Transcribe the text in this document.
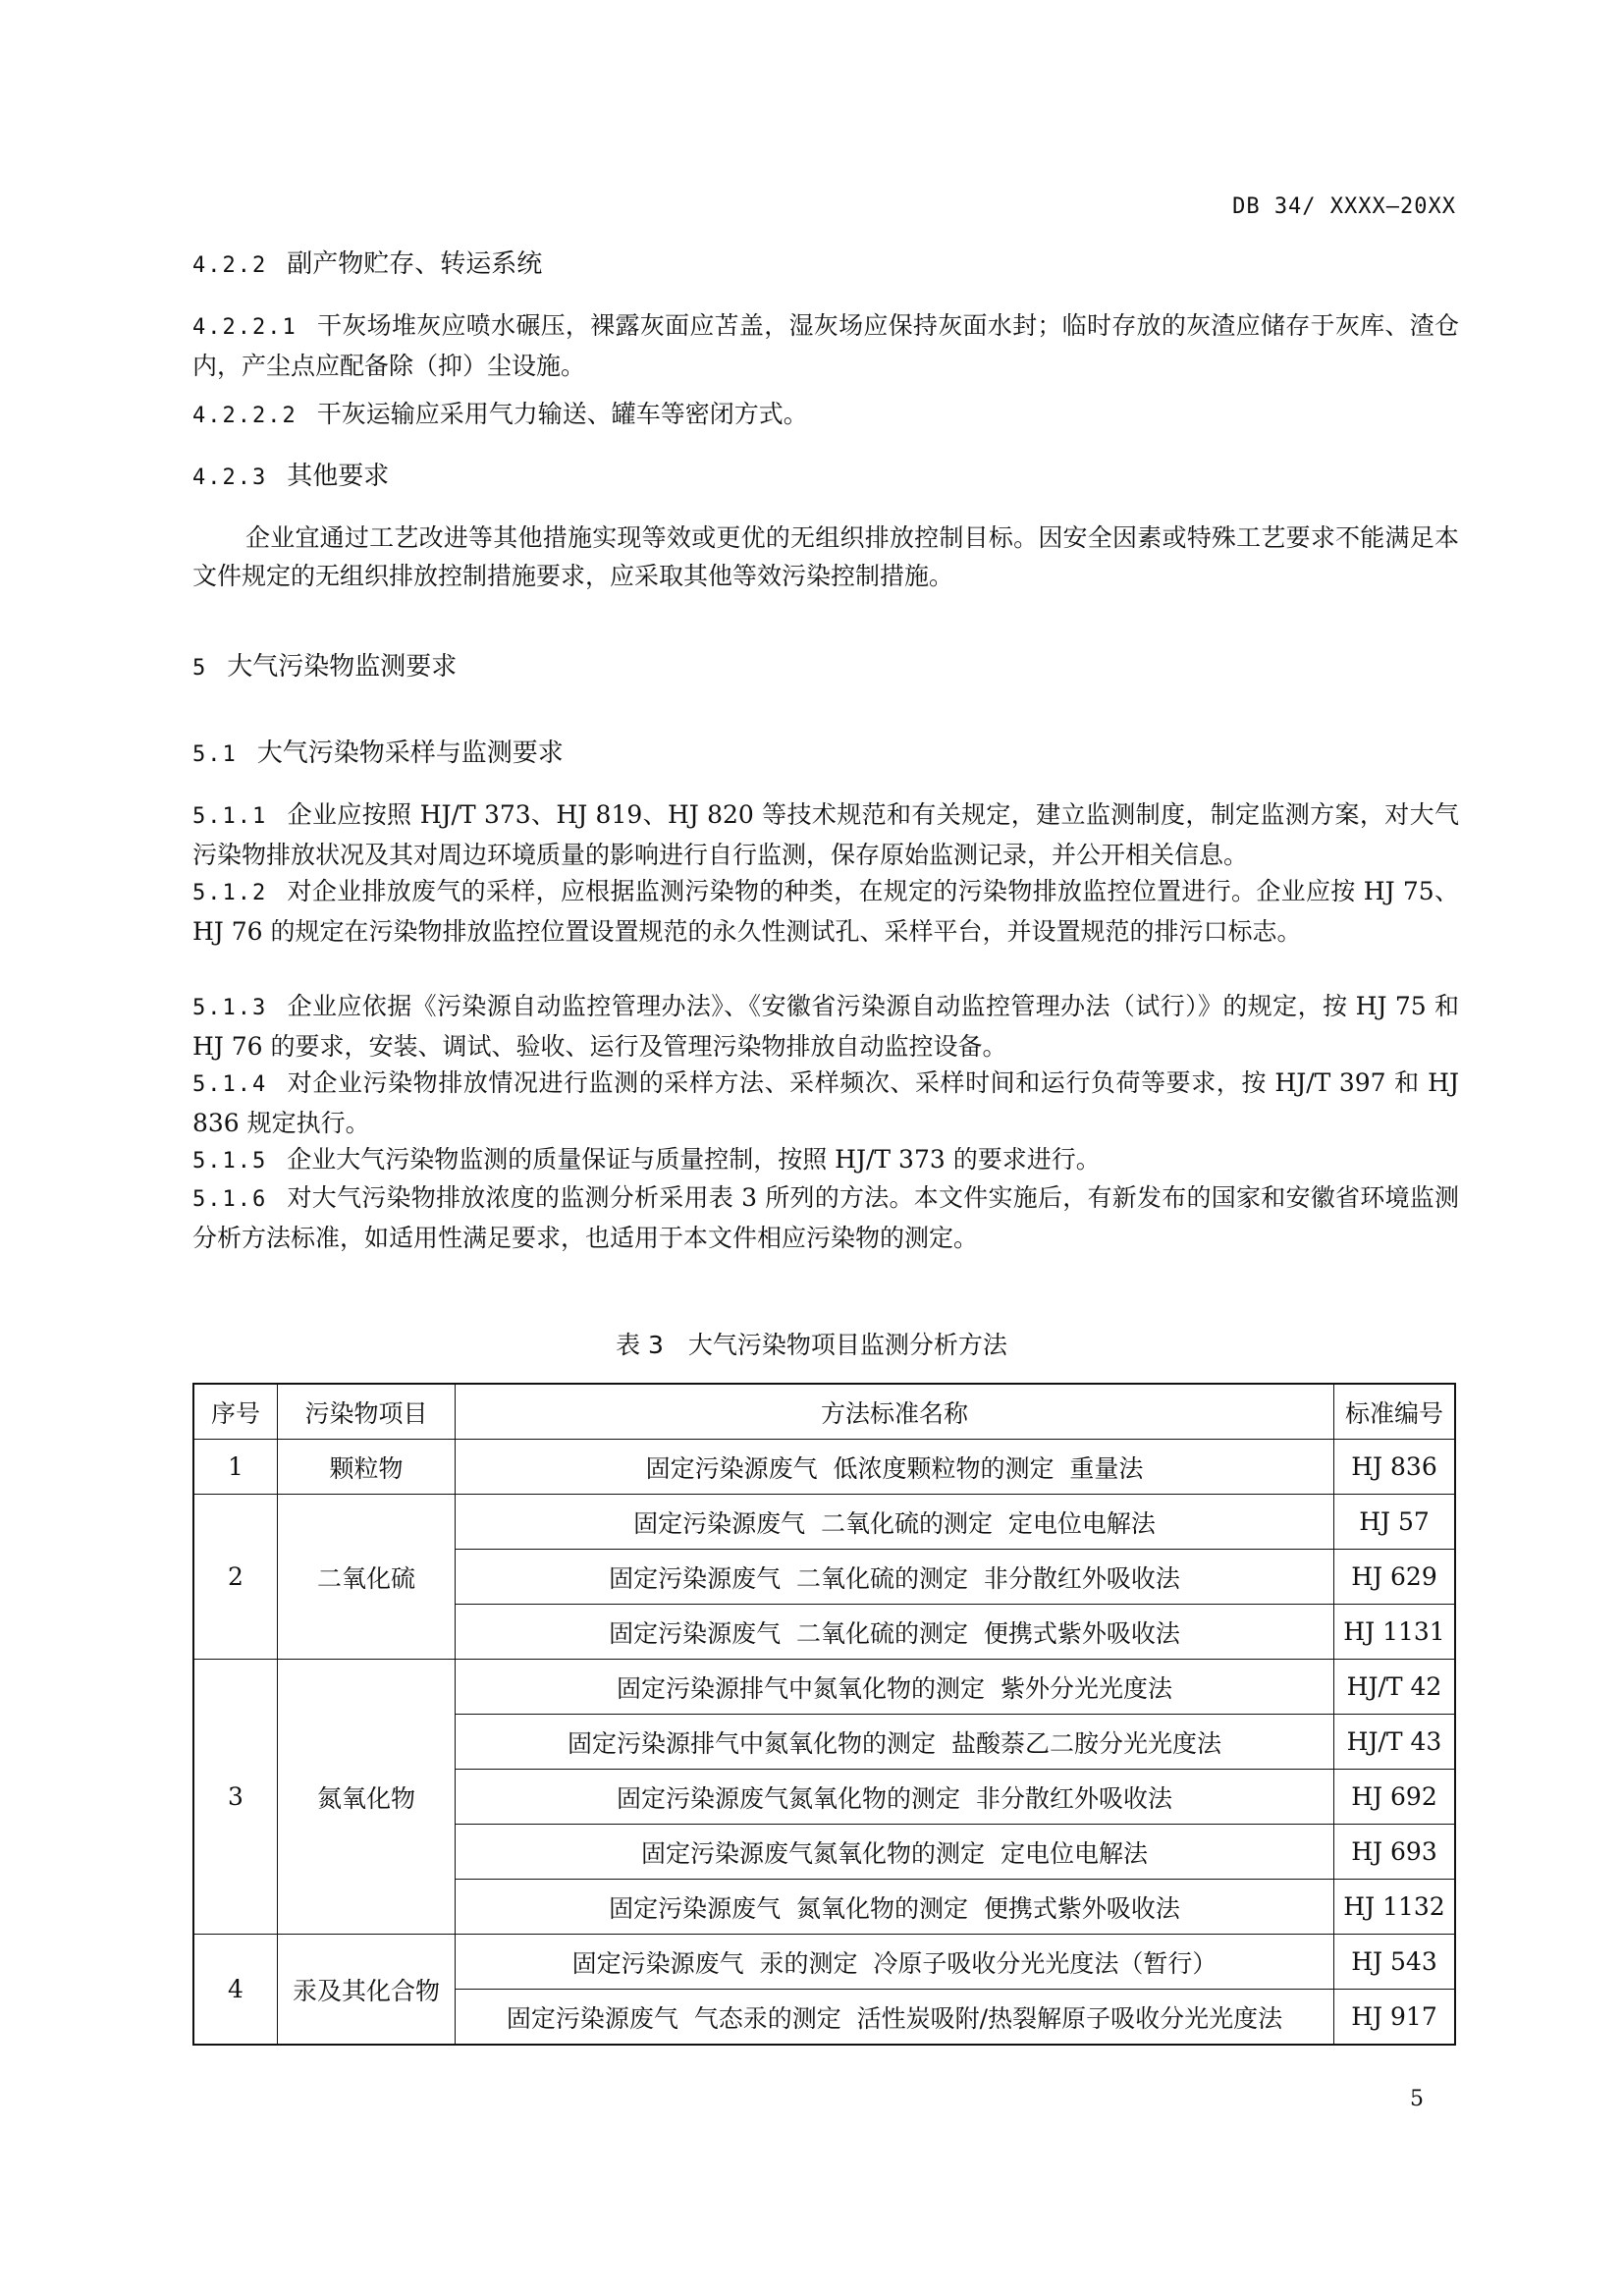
DB 34/ XXXX—20XX
4.2.2 副产物贮存、转运系统
4.2.2.1 干灰场堆灰应喷水碾压，裸露灰面应苫盖，湿灰场应保持灰面水封；临时存放的灰渣应储存于灰库、渣仓内，产尘点应配备除（抑）尘设施。
4.2.2.2 干灰运输应采用气力输送、罐车等密闭方式。
4.2.3 其他要求
企业宜通过工艺改进等其他措施实现等效或更优的无组织排放控制目标。因安全因素或特殊工艺要求不能满足本文件规定的无组织排放控制措施要求，应采取其他等效污染控制措施。
5 大气污染物监测要求
5.1 大气污染物采样与监测要求
5.1.1 企业应按照 HJ/T 373、HJ 819、HJ 820 等技术规范和有关规定，建立监测制度，制定监测方案，对大气污染物排放状况及其对周边环境质量的影响进行自行监测，保存原始监测记录，并公开相关信息。
5.1.2 对企业排放废气的采样，应根据监测污染物的种类，在规定的污染物排放监控位置进行。企业应按 HJ 75、HJ 76 的规定在污染物排放监控位置设置规范的永久性测试孔、采样平台，并设置规范的排污口标志。
5.1.3 企业应依据《污染源自动监控管理办法》、《安徽省污染源自动监控管理办法（试行）》的规定，按 HJ 75 和 HJ 76 的要求，安装、调试、验收、运行及管理污染物排放自动监控设备。
5.1.4 对企业污染物排放情况进行监测的采样方法、采样频次、采样时间和运行负荷等要求，按 HJ/T 397 和 HJ 836 规定执行。
5.1.5 企业大气污染物监测的质量保证与质量控制，按照 HJ/T 373 的要求进行。
5.1.6 对大气污染物排放浓度的监测分析采用表 3 所列的方法。本文件实施后，有新发布的国家和安徽省环境监测分析方法标准，如适用性满足要求，也适用于本文件相应污染物的测定。
表 3　大气污染物项目监测分析方法
序号	污染物项目	方法标准名称	标准编号
1	颗粒物	固定污染源废气  低浓度颗粒物的测定  重量法	HJ 836
2	二氧化硫	固定污染源废气  二氧化硫的测定  定电位电解法	HJ 57
		固定污染源废气  二氧化硫的测定  非分散红外吸收法	HJ 629
		固定污染源废气  二氧化硫的测定  便携式紫外吸收法	HJ 1131
3	氮氧化物	固定污染源排气中氮氧化物的测定  紫外分光光度法	HJ/T 42
		固定污染源排气中氮氧化物的测定  盐酸萘乙二胺分光光度法	HJ/T 43
		固定污染源废气氮氧化物的测定  非分散红外吸收法	HJ 692
		固定污染源废气氮氧化物的测定  定电位电解法	HJ 693
		固定污染源废气  氮氧化物的测定  便携式紫外吸收法	HJ 1132
4	汞及其化合物	固定污染源废气  汞的测定  冷原子吸收分光光度法（暂行）	HJ 543
		固定污染源废气  气态汞的测定  活性炭吸附/热裂解原子吸收分光光度法	HJ 917
5
